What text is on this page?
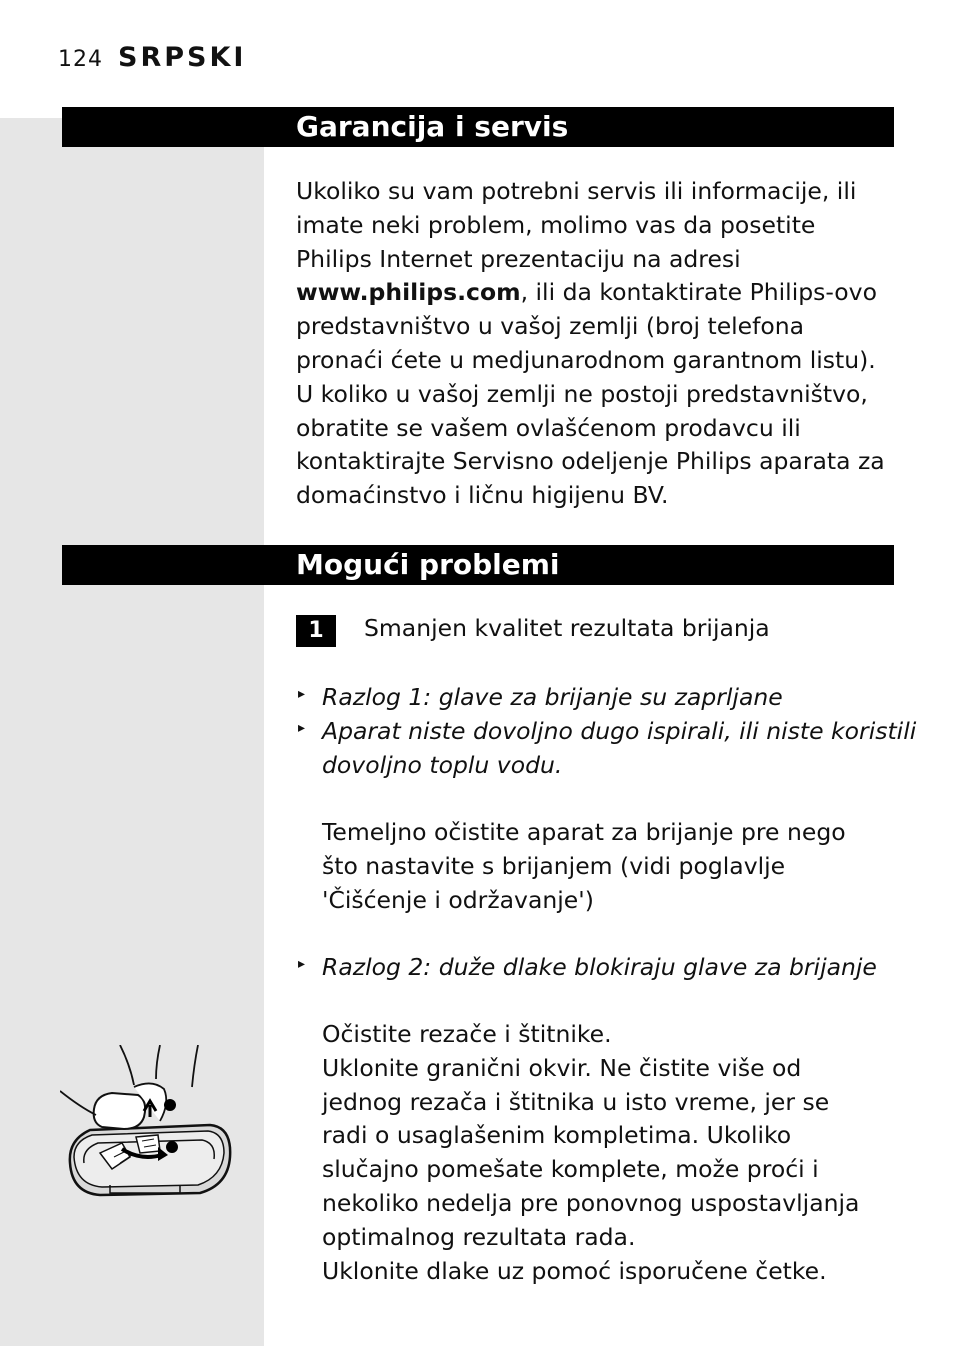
124 SRPSKI
Garancija i servis
Ukoliko su vam potrebni servis ili informacije, ili
imate neki problem, molimo vas da posetite
Philips Internet prezentaciju na adresi
www.philips.com, ili da kontaktirate Philips-ovo
predstavništvo u vašoj zemlji (broj telefona
pronaći ćete u medjunarodnom garantnom listu).
U koliko u vašoj zemlji ne postoji predstavništvo,
obratite se vašem ovlašćenom prodavcu ili
kontaktirajte Servisno odeljenje Philips aparata za
domaćinstvo i ličnu higijenu BV.
Mogući problemi
1	Smanjen kvalitet rezultata brijanja
▸ Razlog 1: glave za brijanje su zaprljane
▸ Aparat niste dovoljno dugo ispirali, ili niste koristili
dovoljno toplu vodu.
Temeljno očistite aparat za brijanje pre nego
što nastavite s brijanjem (vidi poglavlje
'Čišćenje i održavanje')
▸ Razlog 2: duže dlake blokiraju glave za brijanje
Očistite rezače i štitnike.
Uklonite granični okvir. Ne čistite više od
jednog rezača i štitnika u isto vreme, jer se
radi o usaglašenim kompletima. Ukoliko
slučajno pomešate komplete, može proći i
nekoliko nedelja pre ponovnog uspostavljanja
optimalnog rezultata rada.
Uklonite dlake uz pomoć isporučene četke.
